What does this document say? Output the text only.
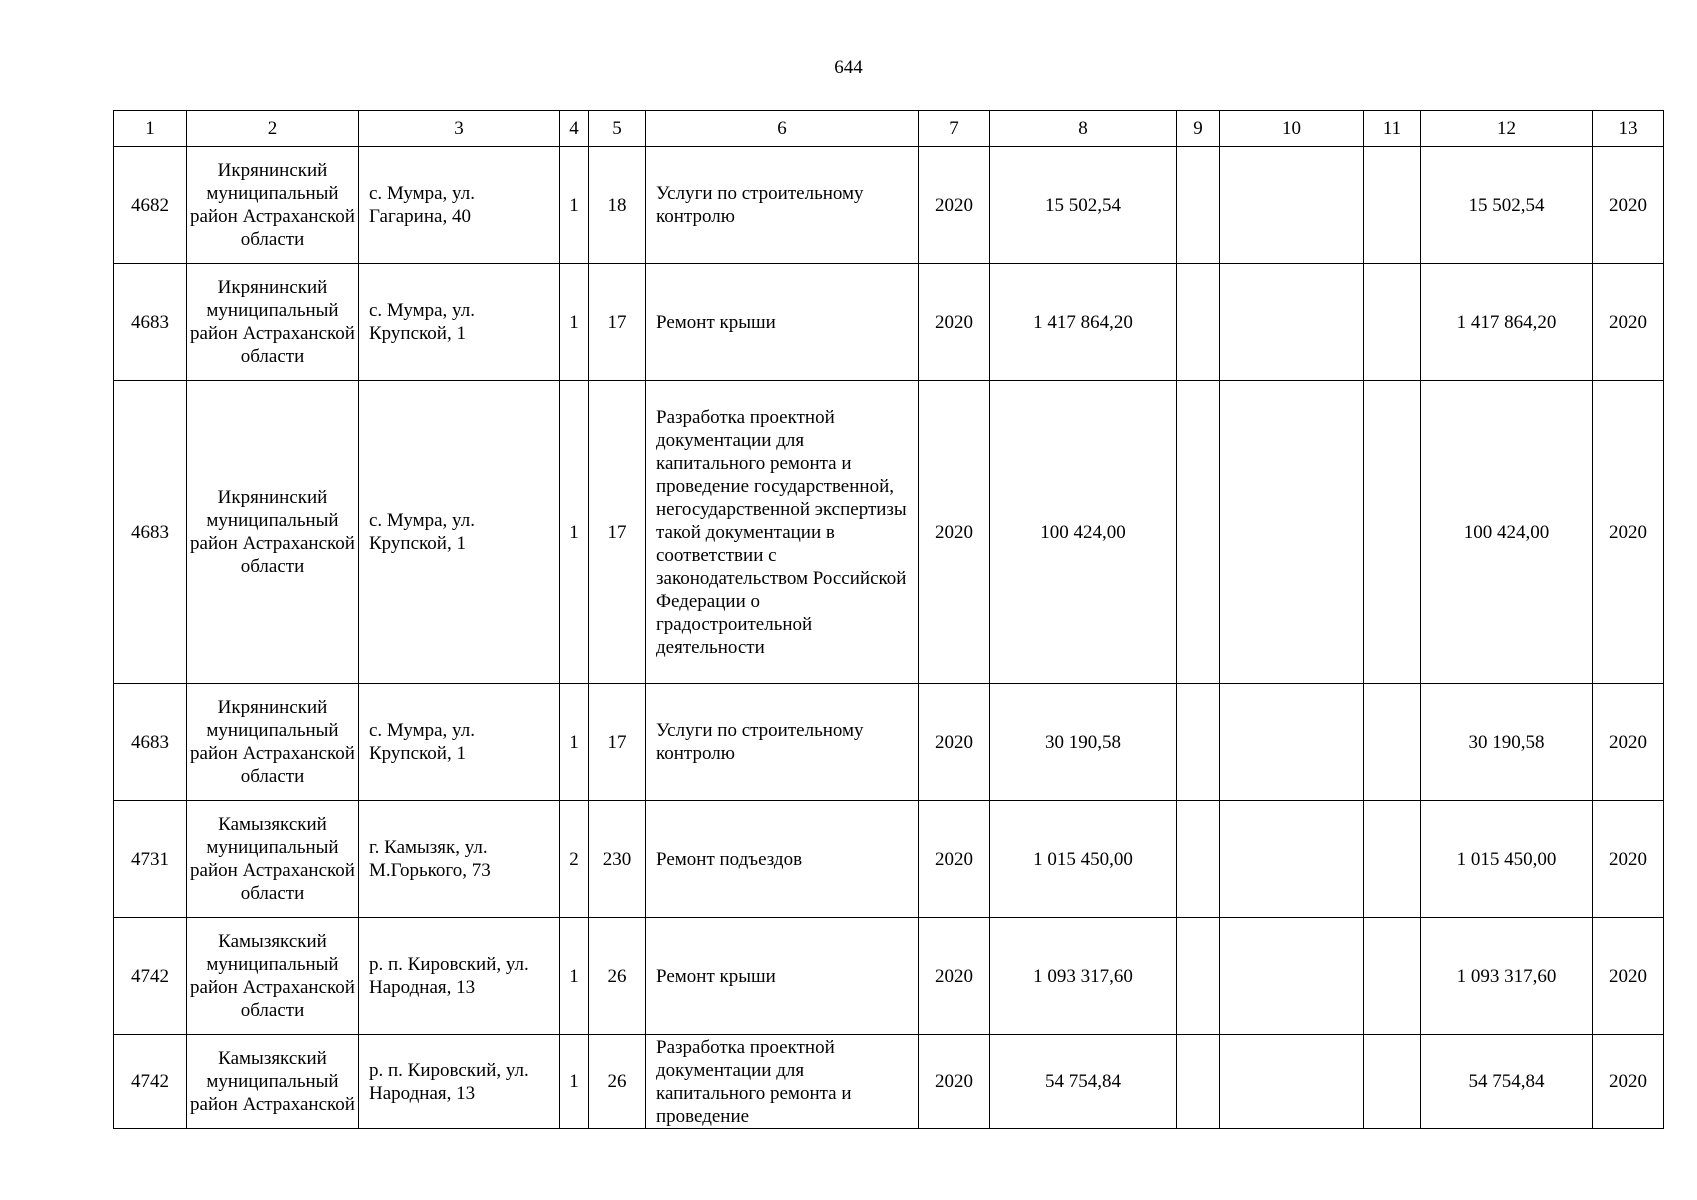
644
1	2	3	4	5	6	7	8	9	10	11	12	13
4682	Икрянинский муниципальный район Астраханской области	с. Мумра, ул. Гагарина, 40	1	18	Услуги по строительному контролю	2020	15 502,54				15 502,54	2020
4683	Икрянинский муниципальный район Астраханской области	с. Мумра, ул. Крупской, 1	1	17	Ремонт крыши	2020	1 417 864,20				1 417 864,20	2020
4683	Икрянинский муниципальный район Астраханской области	с. Мумра, ул. Крупской, 1	1	17	Разработка проектной документации для капитального ремонта и проведение государственной, негосударственной экспертизы такой документации в соответствии с законодательством Российской Федерации о градостроительной деятельности	2020	100 424,00				100 424,00	2020
4683	Икрянинский муниципальный район Астраханской области	с. Мумра, ул. Крупской, 1	1	17	Услуги по строительному контролю	2020	30 190,58				30 190,58	2020
4731	Камызякский муниципальный район Астраханской области	г. Камызяк, ул. М.Горького, 73	2	230	Ремонт подъездов	2020	1 015 450,00				1 015 450,00	2020
4742	Камызякский муниципальный район Астраханской области	р. п. Кировский, ул. Народная, 13	1	26	Ремонт крыши	2020	1 093 317,60				1 093 317,60	2020
4742	Камызякский муниципальный район Астраханской	р. п. Кировский, ул. Народная, 13	1	26	Разработка проектной документации для капитального ремонта и проведение	2020	54 754,84				54 754,84	2020
